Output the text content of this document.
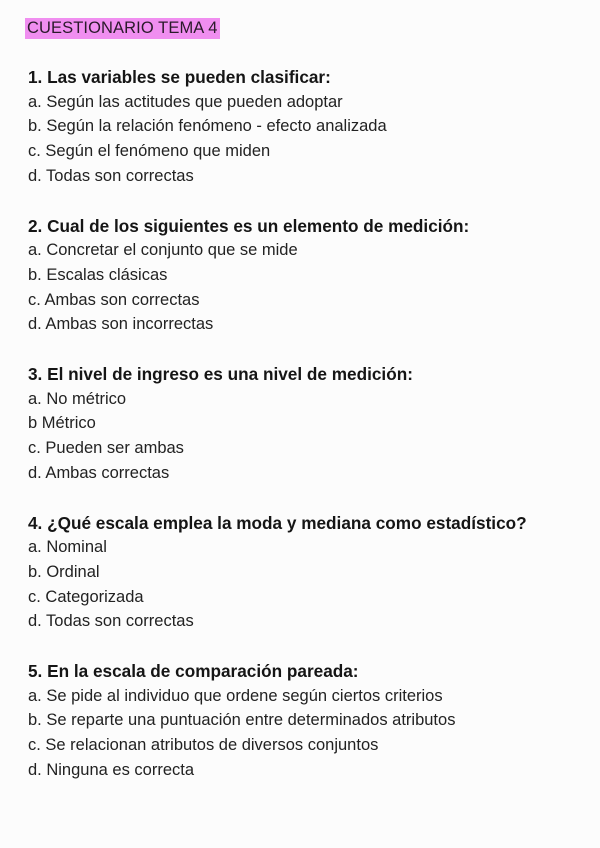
CUESTIONARIO TEMA 4
1. Las variables se pueden clasificar:
a. Según las actitudes que pueden adoptar
b. Según la relación fenómeno - efecto analizada
c. Según el fenómeno que miden
d. Todas son correctas
2. Cual de los siguientes es un elemento de medición:
a. Concretar el conjunto que se mide
b. Escalas clásicas
c. Ambas son correctas
d. Ambas son incorrectas
3. El nivel de ingreso es una nivel de medición:
a. No métrico
b Métrico
c. Pueden ser ambas
d. Ambas correctas
4. ¿Qué escala emplea la moda y mediana como estadístico?
a. Nominal
b. Ordinal
c. Categorizada
d. Todas son correctas
5. En la escala de comparación pareada:
a. Se pide al individuo que ordene según ciertos criterios
b. Se reparte una puntuación entre determinados atributos
c. Se relacionan atributos de diversos conjuntos
d. Ninguna es correcta
